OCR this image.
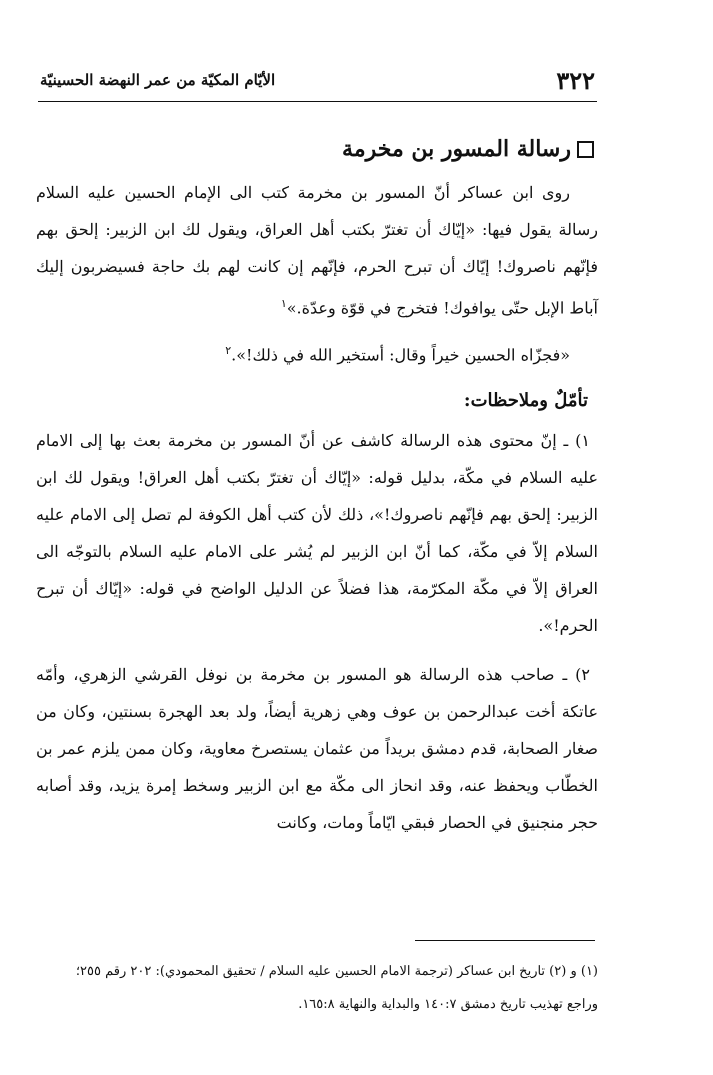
٣٢٢
الأيّام المكيّة من عمر النهضة الحسينيّة
رسالة المسور بن مخرمة

روى ابن عساكر أنّ المسور بن مخرمة كتب الى الإمام الحسين عليه السلام رسالة يقول فيها: «إيّاك أن تغترّ بكتب أهل العراق، ويقول لك ابن الزبير: إلحق بهم فإنّهم ناصروك! إيّاك أن تبرح الحرم، فإنّهم إن كانت لهم بك حاجة فسيضربون إليك آباط الإبل حتّى يوافوك! فتخرج في قوّة وعدّة.»$^١$

«فجزّاه الحسين خيراً وقال: أستخير الله في ذلك!».$^٢$

تأمّلٌ وملاحظات:

١) ـ إنّ محتوى هذه الرسالة كاشف عن أنّ المسور بن مخرمة بعث بها إلى الامام عليه السلام في مكّة، بدليل قوله: «إيّاك أن تغترّ بكتب أهل العراق! ويقول لك ابن الزبير: إلحق بهم فإنّهم ناصروك!»، ذلك لأن كتب أهل الكوفة لم تصل إلى الامام عليه السلام إلاّ في مكّة، كما أنّ ابن الزبير لم يُشر على الامام عليه السلام بالتوجّه الى العراق إلاّ في مكّة المكرّمة، هذا فضلاً عن الدليل الواضح في قوله: «إيّاك أن تبرح الحرم!».

٢) ـ صاحب هذه الرسالة هو المسور بن مخرمة بن نوفل القرشي الزهري، وأمّه عاتكة أخت عبدالرحمن بن عوف وهي زهرية أيضاً، ولد بعد الهجرة بسنتين، وكان من صغار الصحابة، قدم دمشق بريداً من عثمان يستصرخ معاوية، وكان ممن يلزم عمر بن الخطّاب ويحفظ عنه، وقد انحاز الى مكّة مع ابن الزبير وسخط إمرة يزيد، وقد أصابه حجر منجنيق في الحصار فبقي ايّاماً ومات، وكانت

(١) و (٢) تاريخ ابن عساكر (ترجمة الامام الحسين عليه السلام / تحقيق المحمودي): ٢٠٢ رقم ٢٥٥؛
وراجع تهذيب تاريخ دمشق ١٤٠:٧ والبداية والنهاية ١٦٥:٨.
